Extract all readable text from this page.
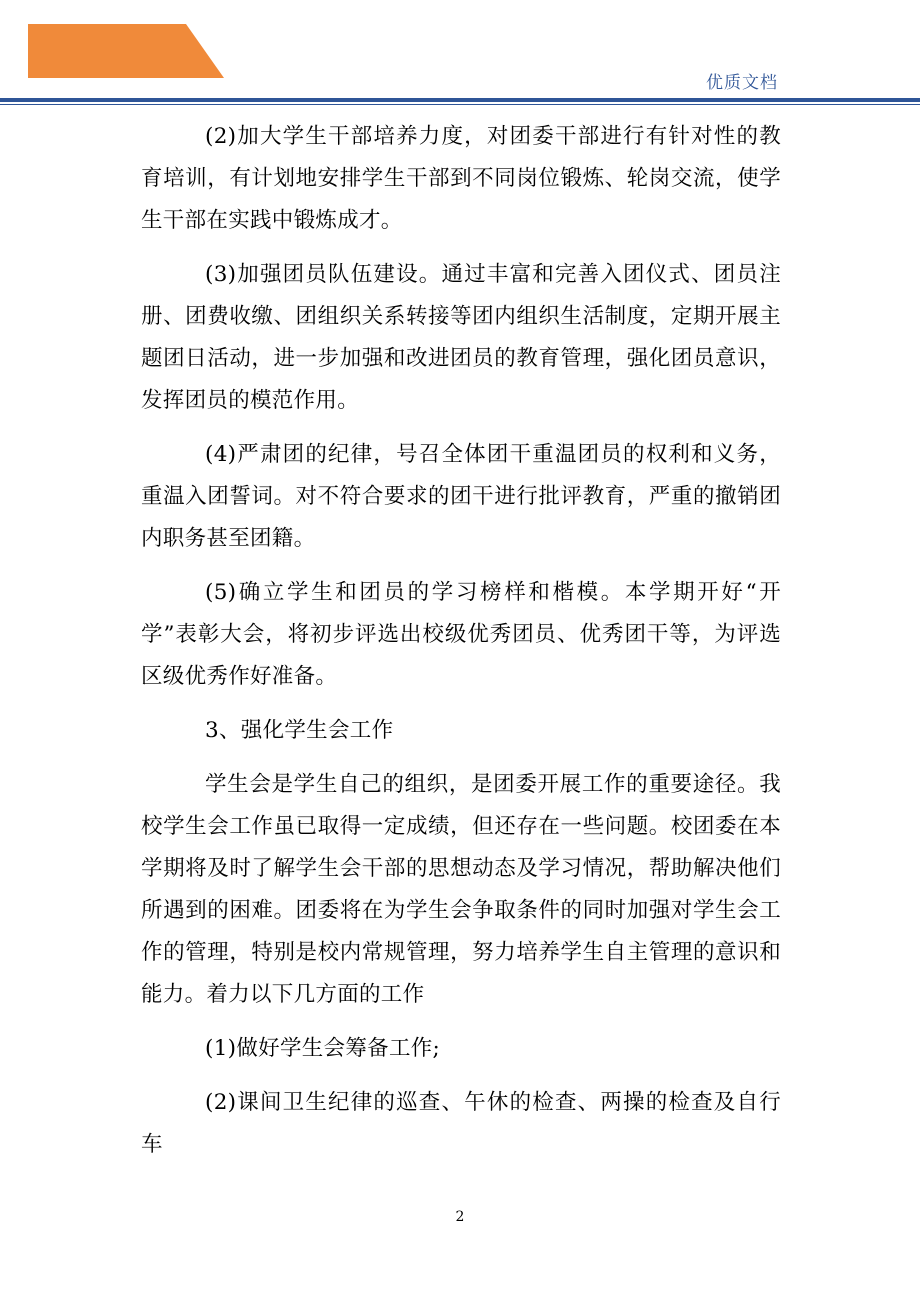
优质文档

(2)加大学生干部培养力度，对团委干部进行有针对性的教育培训，有计划地安排学生干部到不同岗位锻炼、轮岗交流，使学生干部在实践中锻炼成才。

(3)加强团员队伍建设。通过丰富和完善入团仪式、团员注册、团费收缴、团组织关系转接等团内组织生活制度，定期开展主题团日活动，进一步加强和改进团员的教育管理，强化团员意识，发挥团员的模范作用。

(4)严肃团的纪律，号召全体团干重温团员的权利和义务，重温入团誓词。对不符合要求的团干进行批评教育，严重的撤销团内职务甚至团籍。

(5)确立学生和团员的学习榜样和楷模。本学期开好“开学”表彰大会，将初步评选出校级优秀团员、优秀团干等，为评选区级优秀作好准备。

3、强化学生会工作

学生会是学生自己的组织，是团委开展工作的重要途径。我校学生会工作虽已取得一定成绩，但还存在一些问题。校团委在本学期将及时了解学生会干部的思想动态及学习情况，帮助解决他们所遇到的困难。团委将在为学生会争取条件的同时加强对学生会工作的管理，特别是校内常规管理，努力培养学生自主管理的意识和能力。着力以下几方面的工作

(1)做好学生会筹备工作;

(2)课间卫生纪律的巡查、午休的检查、两操的检查及自行车

2
